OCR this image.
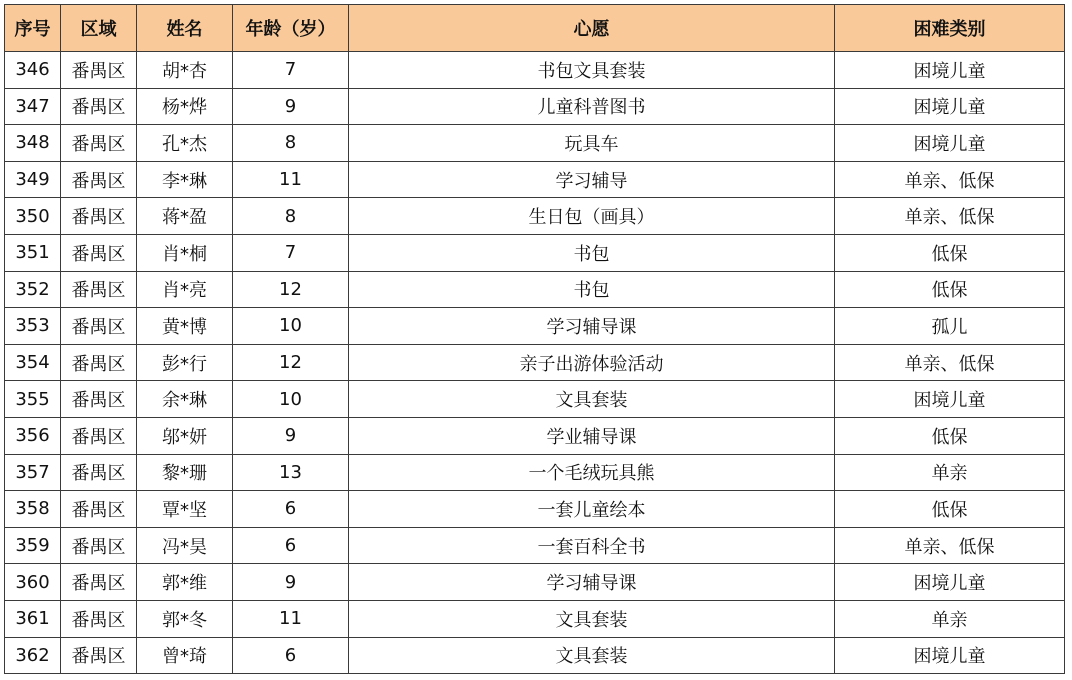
序号	区域	姓名	年龄（岁）	心愿	困难类别
346	番禺区	胡*杏	7	书包文具套装	困境儿童
347	番禺区	杨*烨	9	儿童科普图书	困境儿童
348	番禺区	孔*杰	8	玩具车	困境儿童
349	番禺区	李*琳	11	学习辅导	单亲、低保
350	番禺区	蒋*盈	8	生日包（画具）	单亲、低保
351	番禺区	肖*桐	7	书包	低保
352	番禺区	肖*亮	12	书包	低保
353	番禺区	黄*博	10	学习辅导课	孤儿
354	番禺区	彭*行	12	亲子出游体验活动	单亲、低保
355	番禺区	余*琳	10	文具套装	困境儿童
356	番禺区	邬*妍	9	学业辅导课	低保
357	番禺区	黎*珊	13	一个毛绒玩具熊	单亲
358	番禺区	覃*坚	6	一套儿童绘本	低保
359	番禺区	冯*昊	6	一套百科全书	单亲、低保
360	番禺区	郭*维	9	学习辅导课	困境儿童
361	番禺区	郭*冬	11	文具套装	单亲
362	番禺区	曾*琦	6	文具套装	困境儿童
